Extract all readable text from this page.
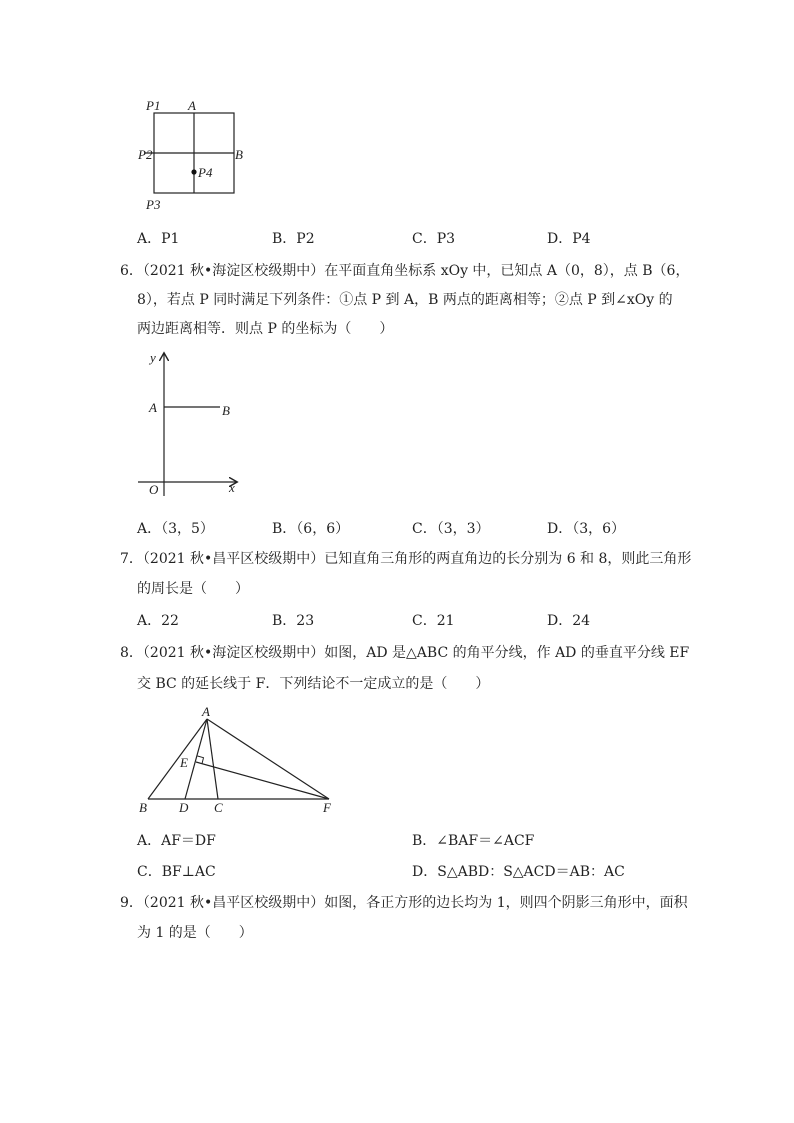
P1 A
P2	B
P4
P3
A．P1	B．P2	C．P3	D．P4
6．（2021 秋•海淀区校级期中）在平面直角坐标系 xOy 中，已知点 A（0，8），点 B（6，
8），若点 P 同时满足下列条件：①点 P 到 A，B 两点的距离相等；②点 P 到∠xOy 的
两边距离相等．则点 P 的坐标为（　　）
y
A	B
O	x
A．（3，5）	B．（6，6）	C．（3，3）	D．（3，6）
7．（2021 秋•昌平区校级期中）已知直角三角形的两直角边的长分别为 6 和 8，则此三角形
的周长是（　　）
A．22	B．23	C．21	D．24
8．（2021 秋•海淀区校级期中）如图，AD 是△ABC 的角平分线，作 AD 的垂直平分线 EF
交 BC 的延长线于 F．下列结论不一定成立的是（　　）
A
E
B D C	F
A．AF＝DF	B．∠BAF＝∠ACF
C．BF⊥AC	D．S△ABD：S△ACD＝AB：AC
9．（2021 秋•昌平区校级期中）如图，各正方形的边长均为 1，则四个阴影三角形中，面积
为 1 的是（　　）
